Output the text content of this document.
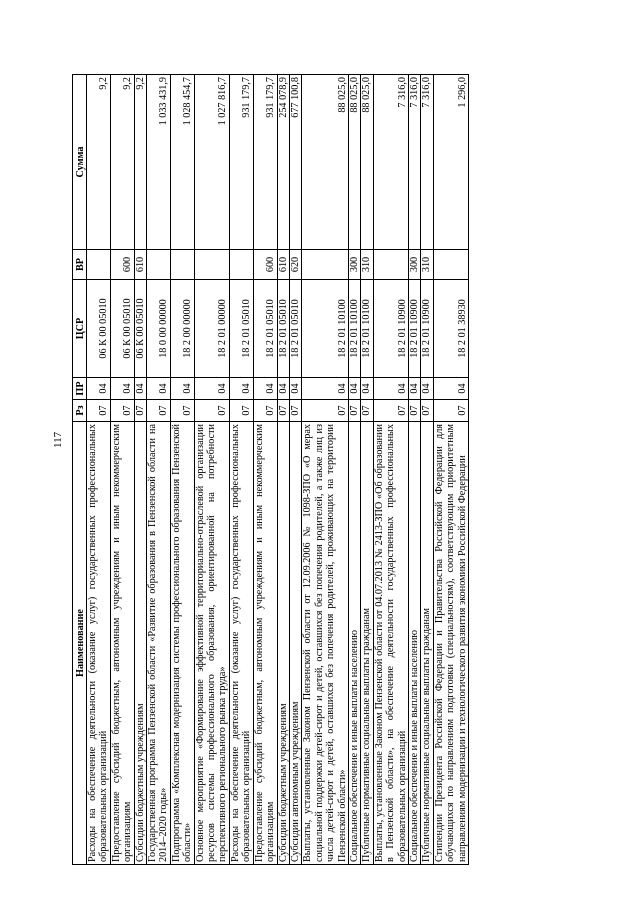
117
Наименование	Рз	ПР	ЦСР	ВР	Сумма
Расходы на обеспечение деятельности (оказание услуг) государственных профессиональных образовательных организаций	07	04	06 К 00 05010		9,2
Предоставление субсидий бюджетным, автономным учреждениям и иным некоммерческим организациям	07	04	06 К 00 05010	600	9,2
Субсидии бюджетным учреждениям	07	04	06 К 00 05010	610	9,2
Государственная программа Пензенской области «Развитие образования в Пензенской области на 2014–2020 годы»	07	04	18 0 00 00000		1 033 431,9
Подпрограмма «Комплексная модернизация системы профессионального образования Пензенской области»	07	04	18 2 00 00000		1 028 454,7
Основное мероприятие «Формирование эффективной территориально-отраслевой организации ресурсов системы профессионального образования, ориентированной на потребности перспективного регионального рынка труда»	07	04	18 2 01 00000		1 027 816,7
Расходы на обеспечение деятельности (оказание услуг) государственных профессиональных образовательных организаций	07	04	18 2 01 05010		931 179,7
Предоставление субсидий бюджетным, автономным учреждениям и иным некоммерческим организациям	07	04	18 2 01 05010	600	931 179,7
Субсидии бюджетным учреждениям	07	04	18 2 01 05010	610	254 078,9
Субсидии автономным учреждениям	07	04	18 2 01 05010	620	677 100,8
Выплаты, установленные Законом Пензенской области от 12.09.2006 № 1098-ЗПО «О мерах социальной поддержки детей-сирот и детей, оставшихся без попечения родителей, а также лиц из числа детей-сирот и детей, оставшихся без попечения родителей, проживающих на территории Пензенской области»	07	04	18 2 01 10100		88 025,0
Социальное обеспечение и иные выплаты населению	07	04	18 2 01 10100	300	88 025,0
Публичные нормативные социальные выплаты гражданам	07	04	18 2 01 10100	310	88 025,0
Выплаты, установленные Законом Пензенской области от 04.07.2013 № 2413-ЗПО «Об образовании в Пензенской области», на обеспечение деятельности государственных профессиональных образовательных организаций	07	04	18 2 01 10900		7 316,0
Социальное обеспечение и иные выплаты населению	07	04	18 2 01 10900	300	7 316,0
Публичные нормативные социальные выплаты гражданам	07	04	18 2 01 10900	310	7 316,0
Стипендии Президента Российской Федерации и Правительства Российской Федерации для обучающихся по направлениям подготовки (специальностям), соответствующим приоритетным направлениям модернизации и технологического развития экономики Российской Федерации	07	04	18 2 01 38930		1 296,0
